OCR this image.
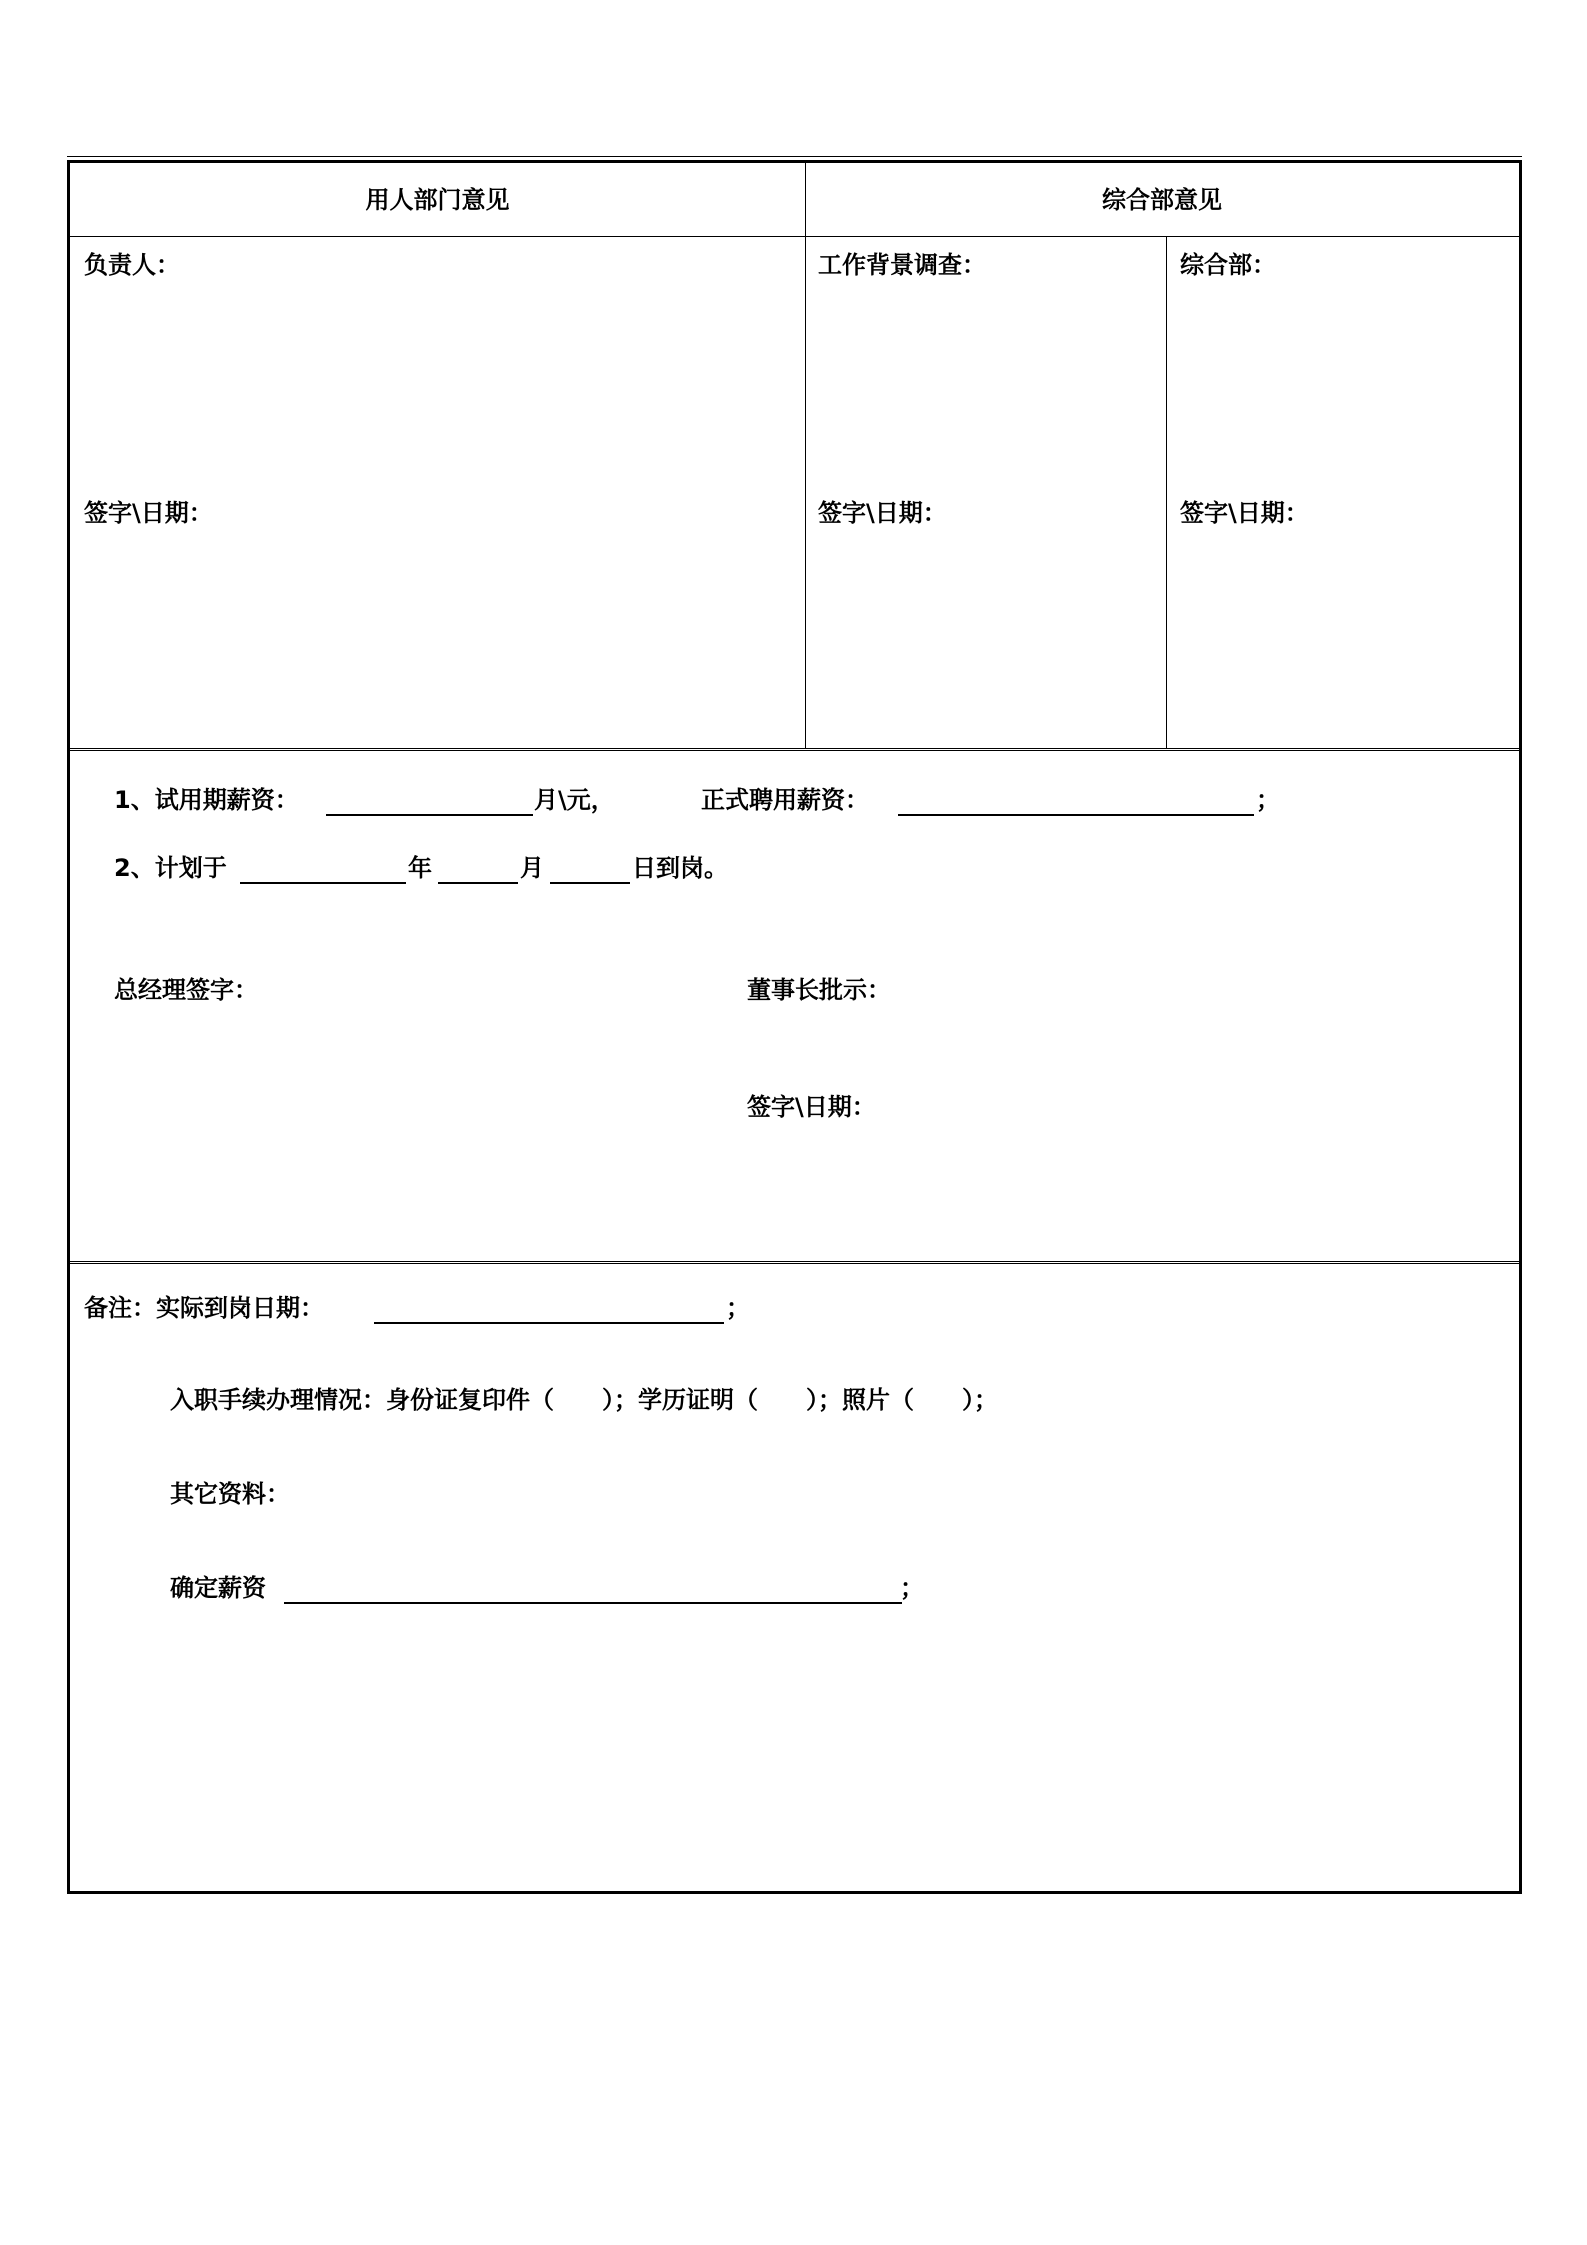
用人部门意见	综合部意见
负责人：
签字\日期：
工作背景调查：
签字\日期：
综合部：
签字\日期：
1、试用期薪资：	月\元，	正式聘用薪资：	；
2、计划于	年	月	日到岗。
总经理签字：	董事长批示：
签字\日期：
备注：实际到岗日期：	；
入职手续办理情况：身份证复印件（　　）；学历证明（　　）；照片（　　）；
其它资料：
确定薪资	；
